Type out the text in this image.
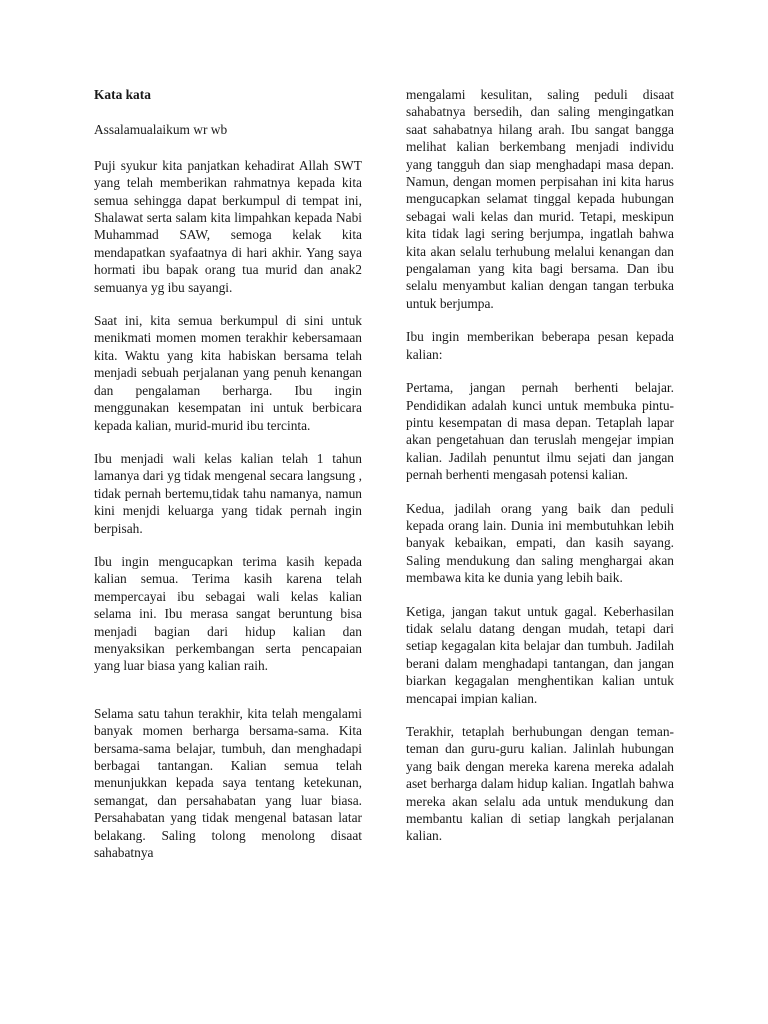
Kata kata

Assalamualaikum wr wb

Puji syukur kita panjatkan kehadirat Allah SWT yang telah memberikan rahmatnya kepada kita semua sehingga dapat berkumpul di tempat ini, Shalawat serta salam kita limpahkan kepada Nabi Muhammad SAW, semoga kelak kita mendapatkan syafaatnya di hari akhir. Yang saya hormati ibu bapak orang tua murid dan anak2 semuanya yg ibu sayangi.

Saat ini, kita semua berkumpul di sini untuk menikmati momen momen terakhir kebersamaan kita. Waktu yang kita habiskan bersama telah menjadi sebuah perjalanan yang penuh kenangan dan pengalaman berharga. Ibu ingin menggunakan kesempatan ini untuk berbicara kepada kalian, murid-murid ibu tercinta.

Ibu menjadi wali kelas kalian telah 1 tahun lamanya dari yg tidak mengenal secara langsung , tidak pernah bertemu,tidak tahu namanya, namun kini menjdi keluarga yang tidak pernah ingin berpisah.

Ibu ingin mengucapkan terima kasih kepada kalian semua. Terima kasih karena telah mempercayai ibu sebagai wali kelas kalian selama ini. Ibu merasa sangat beruntung bisa menjadi bagian dari hidup kalian dan menyaksikan perkembangan serta pencapaian yang luar biasa yang kalian raih.

Selama satu tahun terakhir, kita telah mengalami banyak momen berharga bersama-sama. Kita bersama-sama belajar, tumbuh, dan menghadapi berbagai tantangan. Kalian semua telah menunjukkan kepada saya tentang ketekunan, semangat, dan persahabatan yang luar biasa. Persahabatan yang tidak mengenal batasan latar belakang. Saling tolong menolong disaat sahabatnya

mengalami kesulitan, saling peduli disaat sahabatnya bersedih, dan saling mengingatkan saat sahabatnya hilang arah. Ibu sangat bangga melihat kalian berkembang menjadi individu yang tangguh dan siap menghadapi masa depan. Namun, dengan momen perpisahan ini kita harus mengucapkan selamat tinggal kepada hubungan sebagai wali kelas dan murid. Tetapi, meskipun kita tidak lagi sering berjumpa, ingatlah bahwa kita akan selalu terhubung melalui kenangan dan pengalaman yang kita bagi bersama. Dan ibu selalu menyambut kalian dengan tangan terbuka untuk berjumpa.

Ibu ingin memberikan beberapa pesan kepada kalian:

Pertama, jangan pernah berhenti belajar. Pendidikan adalah kunci untuk membuka pintu-pintu kesempatan di masa depan. Tetaplah lapar akan pengetahuan dan teruslah mengejar impian kalian. Jadilah penuntut ilmu sejati dan jangan pernah berhenti mengasah potensi kalian.

Kedua, jadilah orang yang baik dan peduli kepada orang lain. Dunia ini membutuhkan lebih banyak kebaikan, empati, dan kasih sayang. Saling mendukung dan saling menghargai akan membawa kita ke dunia yang lebih baik.

Ketiga, jangan takut untuk gagal. Keberhasilan tidak selalu datang dengan mudah, tetapi dari setiap kegagalan kita belajar dan tumbuh. Jadilah berani dalam menghadapi tantangan, dan jangan biarkan kegagalan menghentikan kalian untuk mencapai impian kalian.

Terakhir, tetaplah berhubungan dengan teman-teman dan guru-guru kalian. Jalinlah hubungan yang baik dengan mereka karena mereka adalah aset berharga dalam hidup kalian. Ingatlah bahwa mereka akan selalu ada untuk mendukung dan membantu kalian di setiap langkah perjalanan kalian.
